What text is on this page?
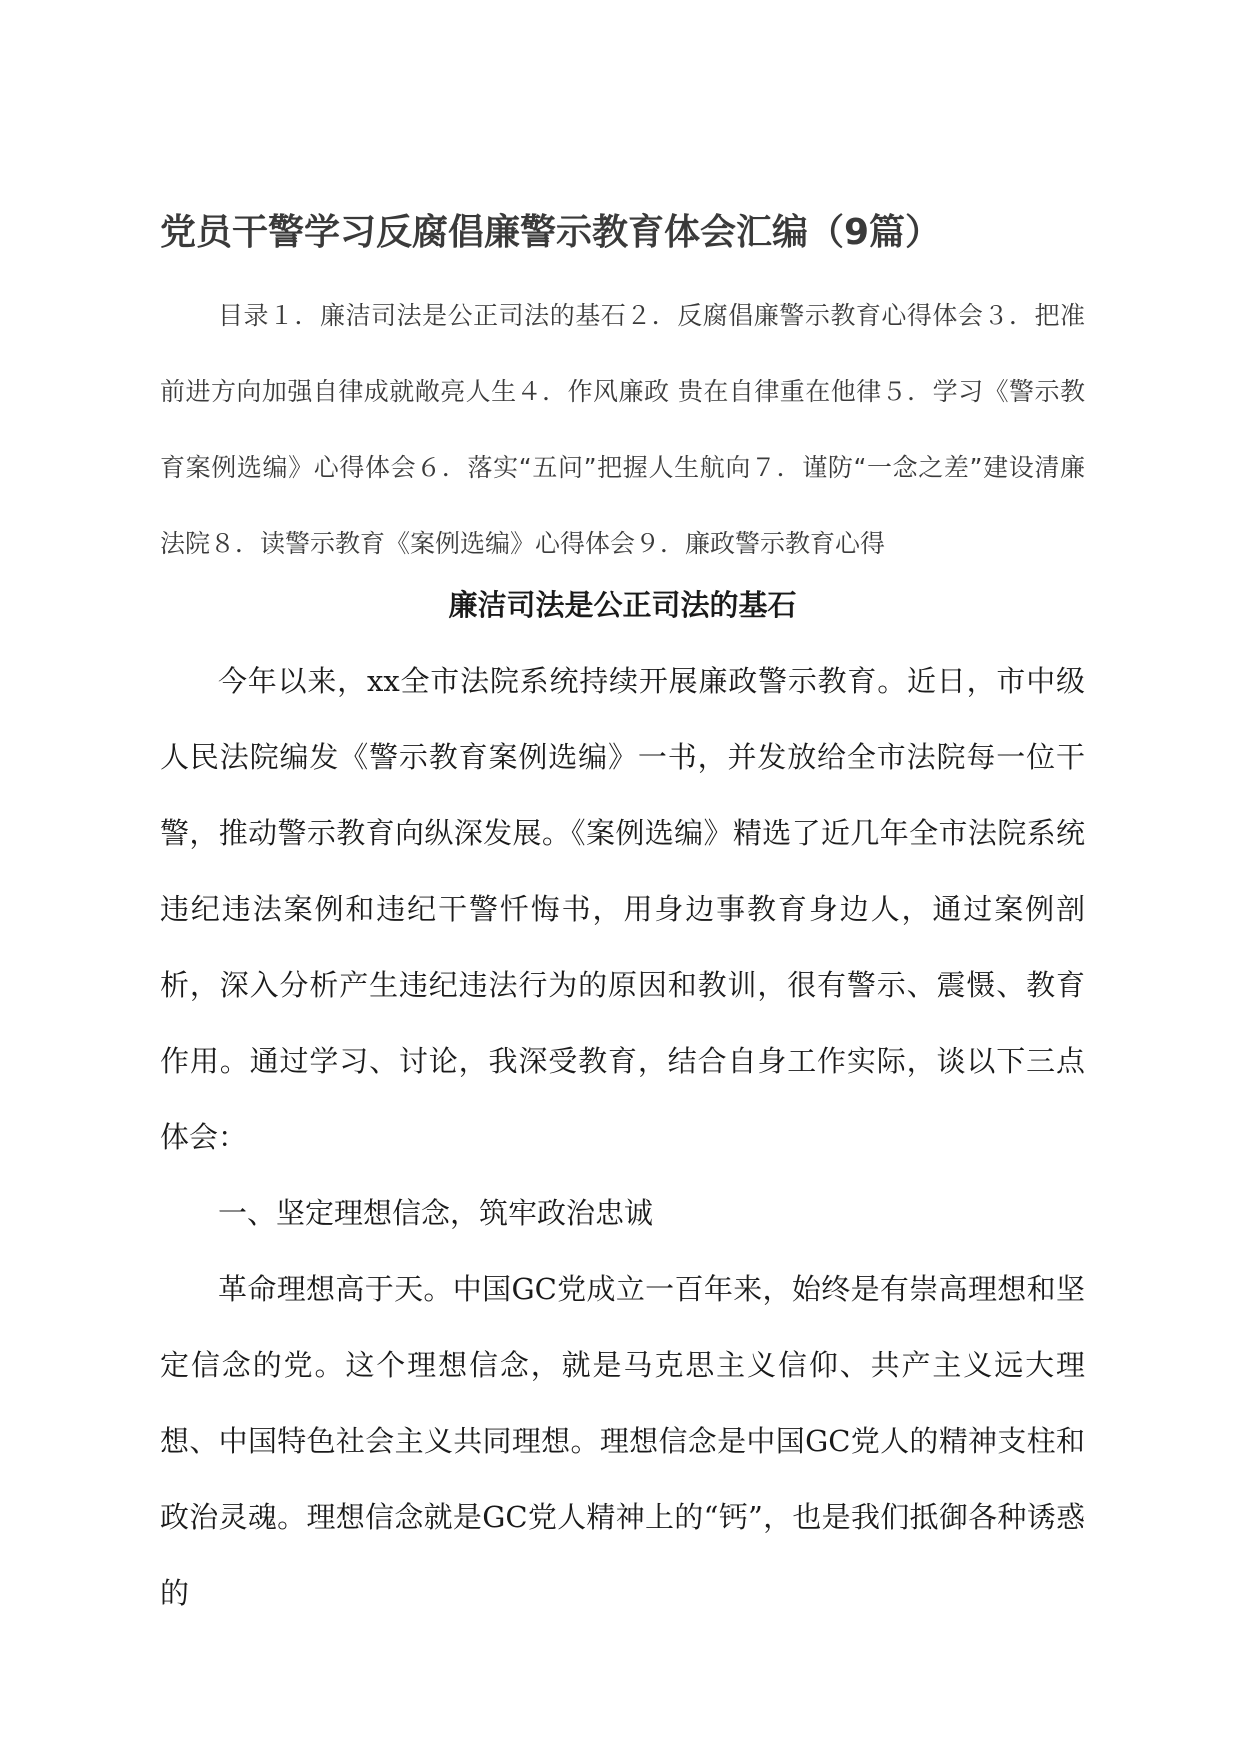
党员干警学习反腐倡廉警示教育体会汇编（9篇）

目录１．廉洁司法是公正司法的基石２．反腐倡廉警示教育心得体会３．把准前进方向加强自律成就敞亮人生４．作风廉政 贵在自律重在他律５．学习《警示教育案例选编》心得体会６．落实“五问”把握人生航向７．谨防“一念之差”建设清廉法院８．读警示教育《案例选编》心得体会９．廉政警示教育心得

廉洁司法是公正司法的基石

今年以来，xx全市法院系统持续开展廉政警示教育。近日，市中级人民法院编发《警示教育案例选编》一书，并发放给全市法院每一位干警，推动警示教育向纵深发展。《案例选编》精选了近几年全市法院系统违纪违法案例和违纪干警忏悔书，用身边事教育身边人，通过案例剖析，深入分析产生违纪违法行为的原因和教训，很有警示、震慑、教育作用。通过学习、讨论，我深受教育，结合自身工作实际，谈以下三点体会：

一、坚定理想信念，筑牢政治忠诚

革命理想高于天。中国GC党成立一百年来，始终是有崇高理想和坚定信念的党。这个理想信念，就是马克思主义信仰、共产主义远大理想、中国特色社会主义共同理想。理想信念是中国GC党人的精神支柱和政治灵魂。理想信念就是GC党人精神上的“钙”，也是我们抵御各种诱惑的
